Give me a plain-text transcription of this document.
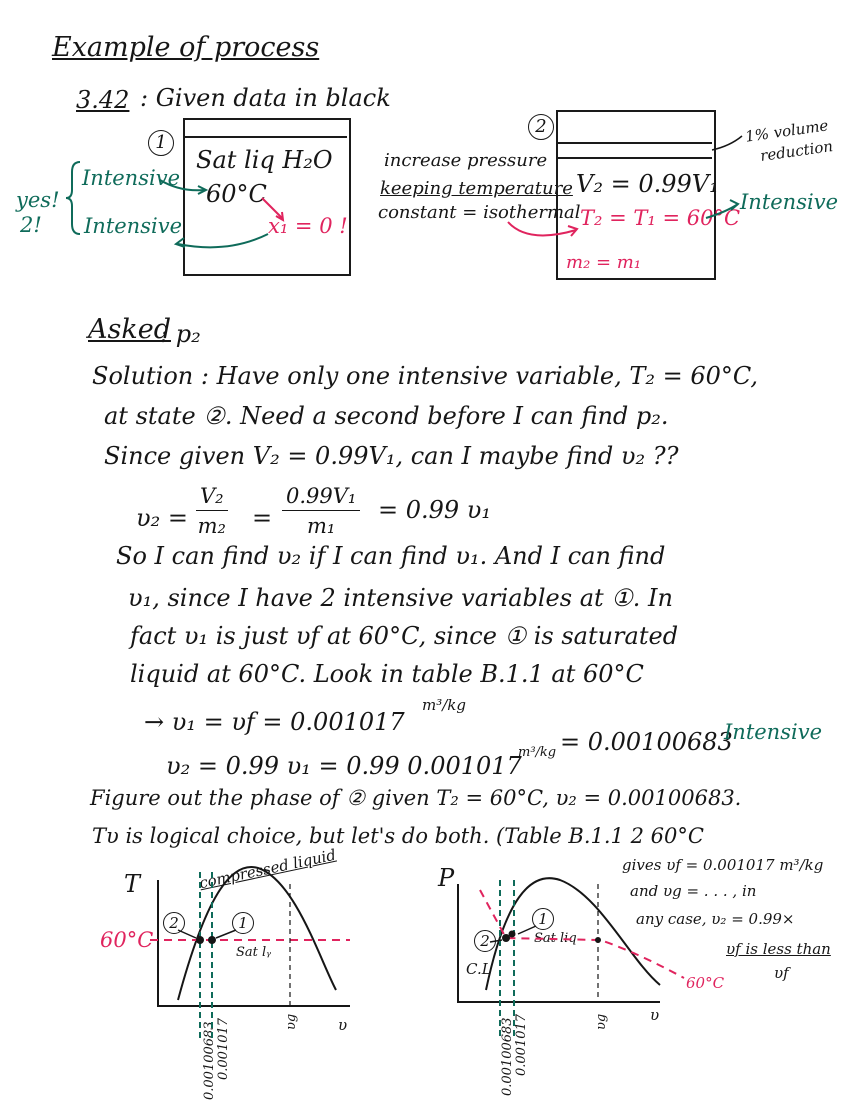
Example of process
3.42 : Given data in black
1
Sat liq H₂O
60°C
x₁ = 0 !
yes!
2!
Intensive
Intensive
increase pressure
keeping temperature
constant = isothermal
2
V₂ = 0.99V₁
T₂ = T₁ = 60°C
m₂ = m₁
1% volume
reduction
Intensive
Asked
: p₂
Solution : Have only one intensive variable, T₂ = 60°C,
at state ②. Need a second before I can find p₂.
Since given V₂ = 0.99V₁, can I maybe find υ₂ ??
$\upsilon_2 = \frac{\text{V₂}}{\text{m₂}} = \frac{\text{0.99V₁}}{\text{m₁}} = 0.99$ υ₁
So I can find υ₂ if I can find υ₁. And I can find
υ₁, since I have 2 intensive variables at ①. In
fact υ₁ is just υf at 60°C, since ① is saturated
liquid at 60°C. Look in table B.1.1 at 60°C
→ υ₁ = υf = 0.001017
m³/kg
υ₂ = 0.99 υ₁ = 0.99 0.001017
m³/kg = 0.00100683
Intensive
Figure out the phase of ② given T₂ = 60°C, υ₂ = 0.00100683.
Tυ is logical choice, but let's do both. (Table B.1.1 2 60°C
gives υf = 0.001017 m³/kg
and υg = . . . , in
any case, υ₂ = 0.99×
υf is less than
υf
T
υ
compressed liquid
60°C
2	1
Sat lᵧ
0.00100683 0.001017	υg
P
υ
1
2	Sat liq
C.L
60°C
0.00100683 0.001017	υg
